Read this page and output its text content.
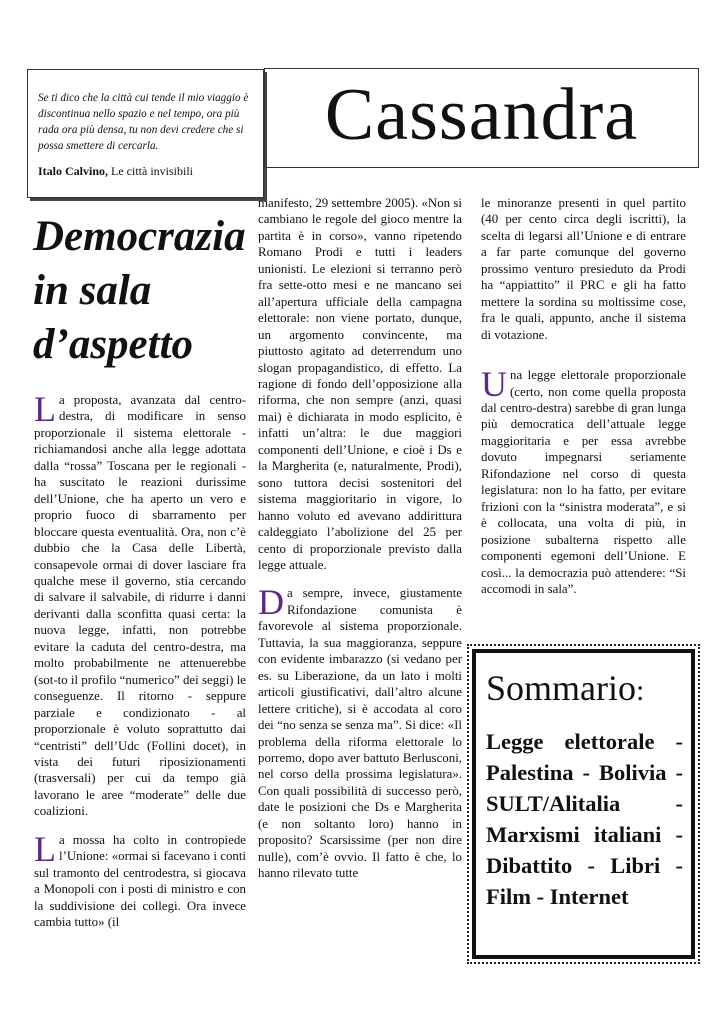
Se ti dico che la città cui tende il mio viaggio è discontinua nello spazio e nel tempo, ora più rada ora più densa, tu non devi credere che si possa smettere di cercarla.

Italo Calvino, Le città invisibili
Cassandra
Democrazia in sala d’aspetto

La proposta, avanzata dal centro-destra, di modificare in senso proporzionale il sistema elettorale - richiamandosi anche alla legge adottata dalla “rossa” Toscana per le regionali - ha suscitato le reazioni durissime dell’Unione, che ha aperto un vero e proprio fuoco di sbarramento per bloccare questa eventualità. Ora, non c’è dubbio che la Casa delle Libertà, consapevole ormai di dover lasciare fra qualche mese il governo, stia cercando di salvare il salvabile, di ridurre i danni derivanti dalla sconfitta quasi certa: la nuova legge, infatti, non potrebbe evitare la caduta del centro-destra, ma molto probabilmente ne attenuerebbe (sot-to il profilo “numerico” dei seggi) le conseguenze. Il ritorno - seppure parziale e condizionato - al proporzionale è voluto soprattutto dai “centristi” dell’Udc (Follini docet), in vista dei futuri riposizionamenti (trasversali) per cui da tempo già lavorano le aree “moderate” delle due coalizioni.

La mossa ha colto in contropiede l’Unione: «ormai si facevano i conti sul tramonto del centrodestra, si giocava a Monopoli con i posti di ministro e con la suddivisione dei collegi. Ora invece cambia tutto» (il

manifesto, 29 settembre 2005). «Non si cambiano le regole del gioco mentre la partita è in corso», vanno ripetendo Romano Prodi e tutti i leaders unionisti. Le elezioni si terranno però fra sette-otto mesi e ne mancano sei all’apertura ufficiale della campagna elettorale: non viene portato, dunque, un argomento convincente, ma piuttosto agitato ad deterrendum uno slogan propagandistico, di effetto. La ragione di fondo dell’opposizione alla riforma, che non sempre (anzi, quasi mai) è dichiarata in modo esplicito, è infatti un’altra: le due maggiori componenti dell’Unione, e cioè i Ds e la Margherita (e, naturalmente, Prodi), sono tuttora decisi sostenitori del sistema maggioritario in vigore, lo hanno voluto ed avevano addirittura caldeggiato l’abolizione del 25 per cento di proporzionale previsto dalla legge attuale.

Da sempre, invece, giustamente Rifondazione comunista è favorevole al sistema proporzionale. Tuttavia, la sua maggioranza, seppure con evidente imbarazzo (si vedano per es. su Liberazione, da un lato i molti articoli giustificativi, dall’altro alcune lettere critiche), si è accodata al coro dei “no senza se senza ma”. Si dice: «Il problema della riforma elettorale lo porremo, dopo aver battuto Berlusconi, nel corso della prossima legislatura». Con quali possibilità di successo però, date le posizioni che Ds e Margherita (e non soltanto loro) hanno in proposito? Scarsissime (per non dire nulle), com’è ovvio. Il fatto è che, lo hanno rilevato tutte

le minoranze presenti in quel partito (40 per cento circa degli iscritti), la scelta di legarsi all’Unione e di entrare a far parte comunque del governo prossimo venturo presieduto da Prodi ha “appiattito” il PRC e gli ha fatto mettere la sordina su moltissime cose, fra le quali, appunto, anche il sistema di votazione.

Una legge elettorale proporzionale (certo, non come quella proposta dal centro-destra) sarebbe di gran lunga più democratica dell’attuale legge maggioritaria e per essa avrebbe dovuto impegnarsi seriamente Rifondazione nel corso di questa legislatura: non lo ha fatto, per evitare frizioni con la “sinistra moderata”, e si è collocata, una volta di più, in posizione subalterna rispetto alle componenti egemoni dell’Unione. E così... la democrazia può attendere: “Si accomodi in sala”.

Sommario:
Legge elettorale - Palestina - Bolivia - SULT/Alitalia - Marxismi italiani - Dibattito - Libri - Film - Internet
